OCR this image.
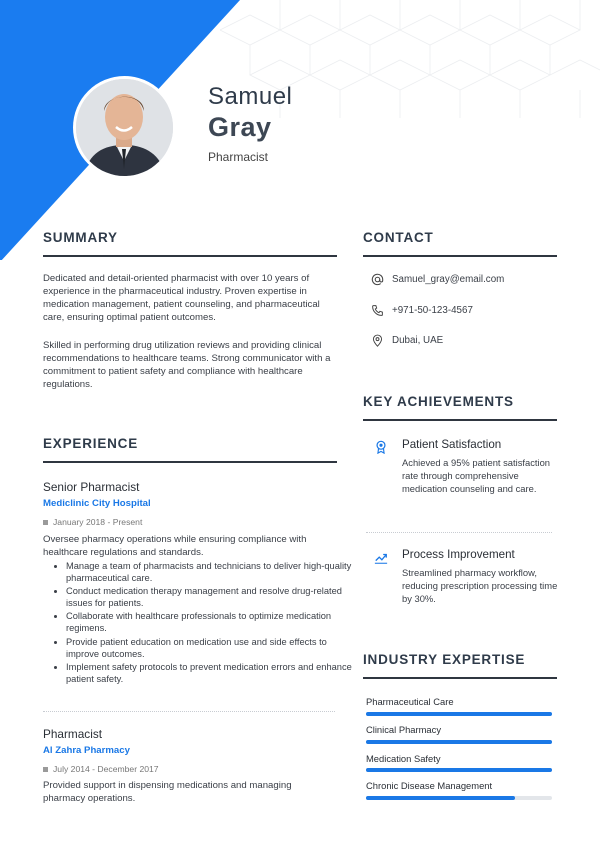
Samuel
Gray
Pharmacist
SUMMARY
Dedicated and detail-oriented pharmacist with over 10 years of experience in the pharmaceutical industry. Proven expertise in medication management, patient counseling, and pharmaceutical care, ensuring optimal patient outcomes.
Skilled in performing drug utilization reviews and providing clinical recommendations to healthcare teams. Strong communicator with a commitment to patient safety and compliance with healthcare regulations.
EXPERIENCE
Senior Pharmacist
Mediclinic City Hospital
January 2018 - Present
Oversee pharmacy operations while ensuring compliance with healthcare regulations and standards.
• Manage a team of pharmacists and technicians to deliver high-quality pharmaceutical care.
• Conduct medication therapy management and resolve drug-related issues for patients.
• Collaborate with healthcare professionals to optimize medication regimens.
• Provide patient education on medication use and side effects to improve outcomes.
• Implement safety protocols to prevent medication errors and enhance patient safety.
Pharmacist
Al Zahra Pharmacy
July 2014 - December 2017
Provided support in dispensing medications and managing pharmacy operations.
CONTACT
Samuel_gray@email.com
+971-50-123-4567
Dubai, UAE
KEY ACHIEVEMENTS
Patient Satisfaction
Achieved a 95% patient satisfaction rate through comprehensive medication counseling and care.
Process Improvement
Streamlined pharmacy workflow, reducing prescription processing time by 30%.
INDUSTRY EXPERTISE
Pharmaceutical Care
Clinical Pharmacy
Medication Safety
Chronic Disease Management
